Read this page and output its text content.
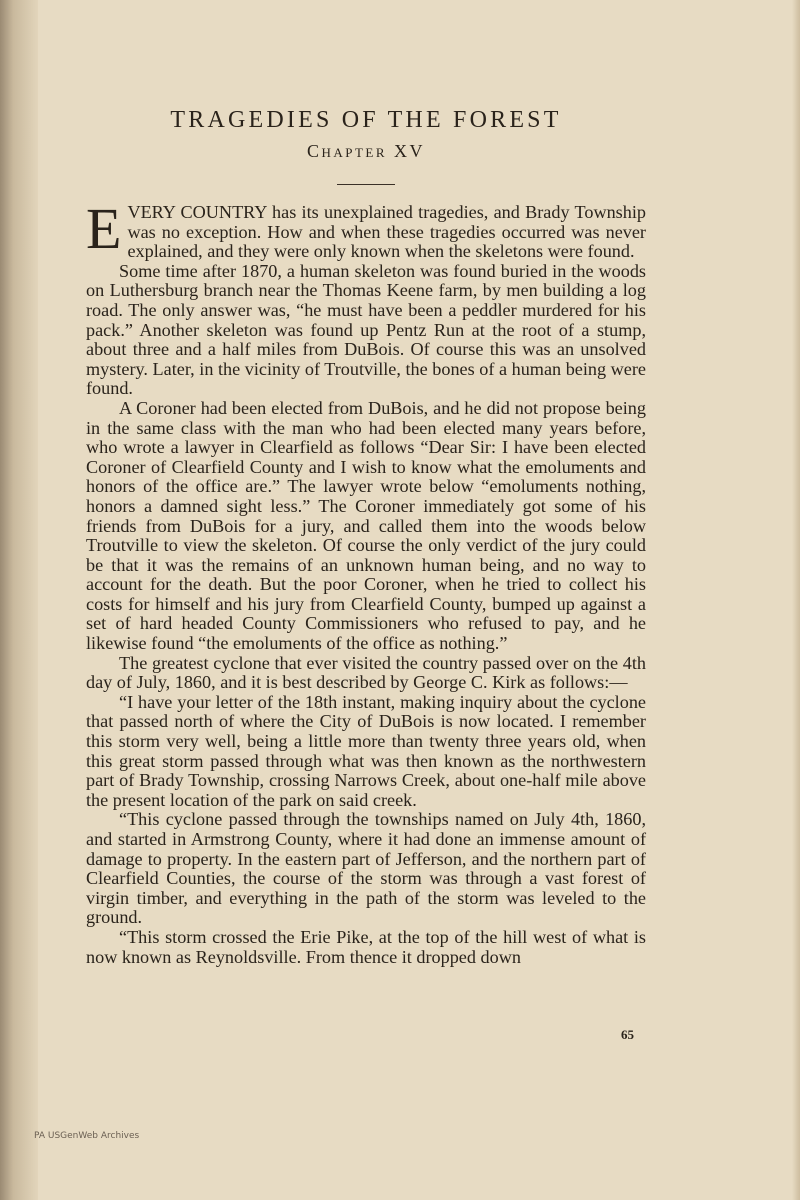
TRAGEDIES OF THE FOREST
Chapter XV

EVERY COUNTRY has its unexplained tragedies, and Brady Township was no exception. How and when these tragedies occurred was never explained, and they were only known when the skeletons were found.

Some time after 1870, a human skeleton was found buried in the woods on Luthersburg branch near the Thomas Keene farm, by men building a log road. The only answer was, “he must have been a peddler murdered for his pack.” Another skeleton was found up Pentz Run at the root of a stump, about three and a half miles from DuBois. Of course this was an unsolved mystery. Later, in the vicinity of Troutville, the bones of a human being were found.

A Coroner had been elected from DuBois, and he did not propose being in the same class with the man who had been elected many years before, who wrote a lawyer in Clearfield as follows “Dear Sir: I have been elected Coroner of Clearfield County and I wish to know what the emoluments and honors of the office are.” The lawyer wrote below “emoluments nothing, honors a damned sight less.” The Coroner immediately got some of his friends from DuBois for a jury, and called them into the woods below Troutville to view the skeleton. Of course the only verdict of the jury could be that it was the remains of an unknown human being, and no way to account for the death. But the poor Coroner, when he tried to collect his costs for himself and his jury from Clearfield County, bumped up against a set of hard headed County Commissioners who refused to pay, and he likewise found “the emoluments of the office as nothing.”

The greatest cyclone that ever visited the country passed over on the 4th day of July, 1860, and it is best described by George C. Kirk as follows:—

“I have your letter of the 18th instant, making inquiry about the cyclone that passed north of where the City of DuBois is now located. I remember this storm very well, being a little more than twenty three years old, when this great storm passed through what was then known as the northwestern part of Brady Township, crossing Narrows Creek, about one-half mile above the present location of the park on said creek.

“This cyclone passed through the townships named on July 4th, 1860, and started in Armstrong County, where it had done an immense amount of damage to property. In the eastern part of Jefferson, and the northern part of Clearfield Counties, the course of the storm was through a vast forest of virgin timber, and everything in the path of the storm was leveled to the ground.

“This storm crossed the Erie Pike, at the top of the hill west of what is now known as Reynoldsville. From thence it dropped down

65
PA USGenWeb Archives
